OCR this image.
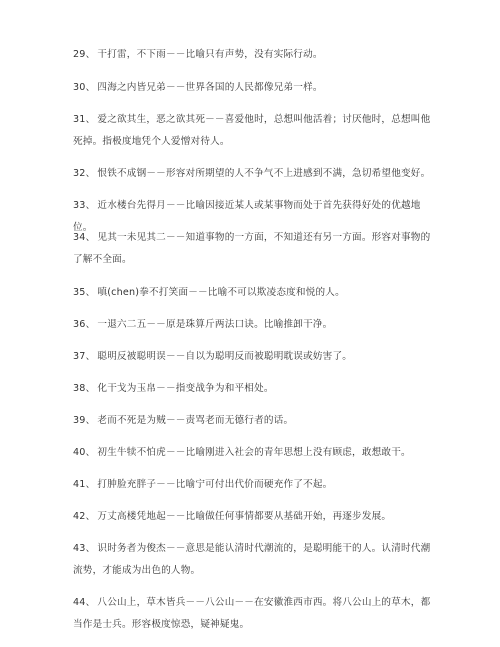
29、 干打雷，不下雨－－比喻只有声势，没有实际行动。
30、 四海之内皆兄弟－－世界各国的人民都像兄弟一样。
31、 爱之欲其生，恶之欲其死－－喜爱他时，总想叫他活着；讨厌他时，总想叫他死掉。指极度地凭个人爱憎对待人。
32、 恨铁不成钢－－形容对所期望的人不争气不上进感到不满，急切希望他变好。
33、 近水楼台先得月－－比喻因接近某人或某事物而处于首先获得好处的优越地位。
34、 见其一未见其二－－知道事物的一方面，不知道还有另一方面。形容对事物的了解不全面。
35、 嗔(chen)拳不打笑面－－比喻不可以欺凌态度和悦的人。
36、 一退六二五－－原是珠算斤两法口诀。比喻推卸干净。
37、 聪明反被聪明误－－自以为聪明反而被聪明耽误或妨害了。
38、 化干戈为玉帛－－指变战争为和平相处。
39、 老而不死是为贼－－责骂老而无德行者的话。
40、 初生牛犊不怕虎－－比喻刚进入社会的青年思想上没有顾虑，敢想敢干。
41、 打肿脸充胖子－－比喻宁可付出代价而硬充作了不起。
42、 万丈高楼凭地起－－比喻做任何事情都要从基础开始，再逐步发展。
43、 识时务者为俊杰－－意思是能认清时代潮流的，是聪明能干的人。认清时代潮流势，才能成为出色的人物。
44、 八公山上，草木皆兵－－八公山－－在安徽淮西市西。将八公山上的草木，都当作是士兵。形容极度惊恐，疑神疑鬼。
